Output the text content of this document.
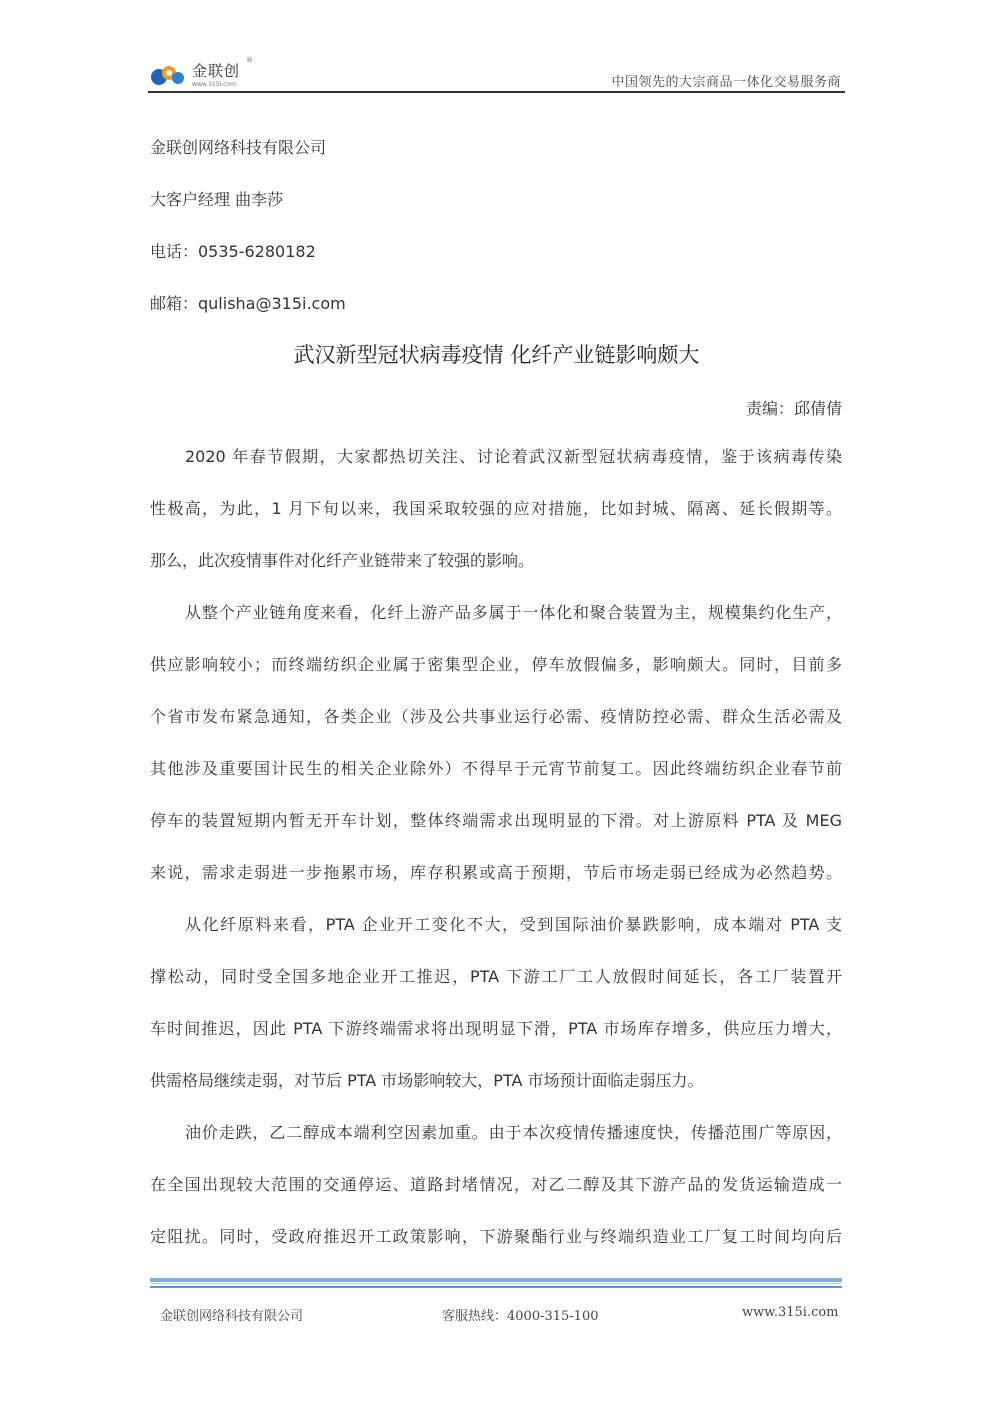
金联创
®
www.315i.com	中国领先的大宗商品一体化交易服务商
金联创网络科技有限公司
大客户经理 曲李莎
电话：0535-6280182
邮箱：qulisha@315i.com
武汉新型冠状病毒疫情 化纤产业链影响颇大
责编：邱倩倩
2020 年春节假期，大家都热切关注、讨论着武汉新型冠状病毒疫情，鉴于该病毒传染
性极高，为此，1 月下旬以来，我国采取较强的应对措施，比如封城、隔离、延长假期等。
那么，此次疫情事件对化纤产业链带来了较强的影响。
从整个产业链角度来看，化纤上游产品多属于一体化和聚合装置为主，规模集约化生产，
供应影响较小；而终端纺织企业属于密集型企业，停车放假偏多，影响颇大。同时，目前多
个省市发布紧急通知，各类企业（涉及公共事业运行必需、疫情防控必需、群众生活必需及
其他涉及重要国计民生的相关企业除外）不得早于元宵节前复工。因此终端纺织企业春节前
停车的装置短期内暂无开车计划，整体终端需求出现明显的下滑。对上游原料 PTA 及 MEG
来说，需求走弱进一步拖累市场，库存积累或高于预期，节后市场走弱已经成为必然趋势。
从化纤原料来看，PTA 企业开工变化不大，受到国际油价暴跌影响，成本端对 PTA 支
撑松动，同时受全国多地企业开工推迟，PTA 下游工厂工人放假时间延长，各工厂装置开
车时间推迟，因此 PTA 下游终端需求将出现明显下滑，PTA 市场库存增多，供应压力增大，
供需格局继续走弱，对节后 PTA 市场影响较大，PTA 市场预计面临走弱压力。
油价走跌，乙二醇成本端利空因素加重。由于本次疫情传播速度快，传播范围广等原因，
在全国出现较大范围的交通停运、道路封堵情况，对乙二醇及其下游产品的发货运输造成一
定阻扰。同时，受政府推迟开工政策影响，下游聚酯行业与终端织造业工厂复工时间均向后
金联创网络科技有限公司	客服热线：4000-315-100	www.315i.com
